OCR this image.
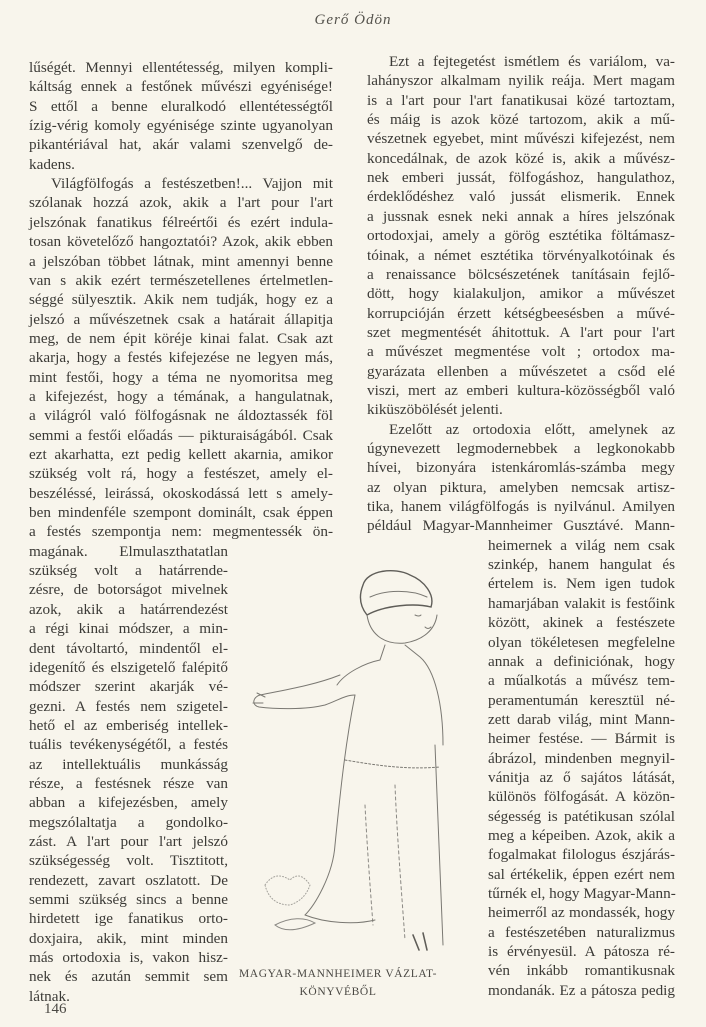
Gerő Ödön
lűségét. Mennyi ellentétesség, milyen kompli-
káltság ennek a festőnek művészi egyénisége!
S ettől a benne eluralkodó ellentétességtől
ízig-vérig komoly egyénisége szinte ugyanolyan
pikantériával hat, akár valami szenvelgő de-
kadens.
Világfölfogás a festészetben!... Vajjon mit
szólanak hozzá azok, akik a l'art pour l'art
jelszónak fanatikus félreértői és ezért indula-
tosan követelőző hangoztatói? Azok, akik ebben
a jelszóban többet látnak, mint amennyi benne
van s akik ezért természetellenes értelmetlen-
séggé sülyesztik. Akik nem tudják, hogy ez a
jelszó a művészetnek csak a határait állapitja
meg, de nem épit köréje kinai falat. Csak azt
akarja, hogy a festés kifejezése ne legyen más,
mint festői, hogy a téma ne nyomoritsa meg
a kifejezést, hogy a témának, a hangulatnak,
a világról való fölfogásnak ne áldoztassék föl
semmi a festői előadás — pikturaiságából. Csak
ezt akarhatta, ezt pedig kellett akarnia, amikor
szükség volt rá, hogy a festészet, amely el-
beszéléssé, leirássá, okoskodássá lett s amely-
ben mindenféle szempont dominált, csak éppen
a festés szempontja nem: megmentessék ön-
magának. Elmulaszthatatlan
szükség volt a határrende-
zésre, de botorságot mivelnek
azok, akik a határrendezést
a régi kinai módszer, a min-
dent távoltartó, mindentől el-
idegenítő és elszigetelő falépitő
módszer szerint akarják vé-
gezni. A festés nem szigetel-
hető el az emberiség intellek-
tuális tevékenységétől, a festés
az intellektuális munkásság
része, a festésnek része van
abban a kifejezésben, amely
megszólaltatja a gondolko-
zást. A l'art pour l'art jelszó
szükségesség volt. Tisztitott,
rendezett, zavart oszlatott. De
semmi szükség sincs a benne
hirdetett ige fanatikus orto-
doxjaira, akik, mint minden
más ortodoxia is, vakon hisz-
nek és azután semmit sem
látnak.
Ezt a fejtegetést ismétlem és variálom, va-
lahányszor alkalmam nyilik reája. Mert magam
is a l'art pour l'art fanatikusai közé tartoztam,
és máig is azok közé tartozom, akik a mű-
vészetnek egyebet, mint művészi kifejezést, nem
koncedálnak, de azok közé is, akik a művész-
nek emberi jussát, fölfogáshoz, hangulathoz,
érdeklődéshez való jussát elismerik. Ennek
a jussnak esnek neki annak a híres jelszónak
ortodoxjai, amely a görög esztétika föltámasz-
tóinak, a német esztétika törvényalkotóinak és
a renaissance bölcsészetének tanításain fejlő-
dött, hogy kialakuljon, amikor a művészet
korrupcióján érzett kétségbeesésben a művé-
szet megmentését áhitottuk. A l'art pour l'art
a művészet megmentése volt ; ortodox ma-
gyarázata ellenben a művészetet a csőd elé
viszi, mert az emberi kultura-közösségből való
kiküszöbölését jelenti.
Ezelőtt az ortodoxia előtt, amelynek az
úgynevezett legmodernebbek a legkonokabb
hívei, bizonyára istenkáromlás-számba megy
az olyan piktura, amelyben nemcsak artisz-
tika, hanem világfölfogás is nyilvánul. Amilyen
például Magyar-Mannheimer Gusztávé. Mann-
heimernek a világ nem csak
szinkép, hanem hangulat és
értelem is. Nem igen tudok
hamarjában valakit is festőink
között, akinek a festészete
olyan tökéletesen megfelelne
annak a definiciónak, hogy
a műalkotás a művész tem-
peramentumán keresztül né-
zett darab világ, mint Mann-
heimer festése. — Bármit is
ábrázol, mindenben megnyil-
vánitja az ő sajátos látását,
különös fölfogását. A közön-
ségesség is patétikusan szólal
meg a képeiben. Azok, akik a
fogalmakat filologus észjárás-
sal értékelik, éppen ezért nem
tűrnék el, hogy Magyar-Mann-
heimerről az mondassék, hogy
a festészetében naturalizmus
is érvényesül. A pátosza ré-
vén inkább romantikusnak
mondanák. Ez a pátosza pedig
MAGYAR-MANNHEIMER VÁZLAT-
KÖNYVÉBŐL
146
